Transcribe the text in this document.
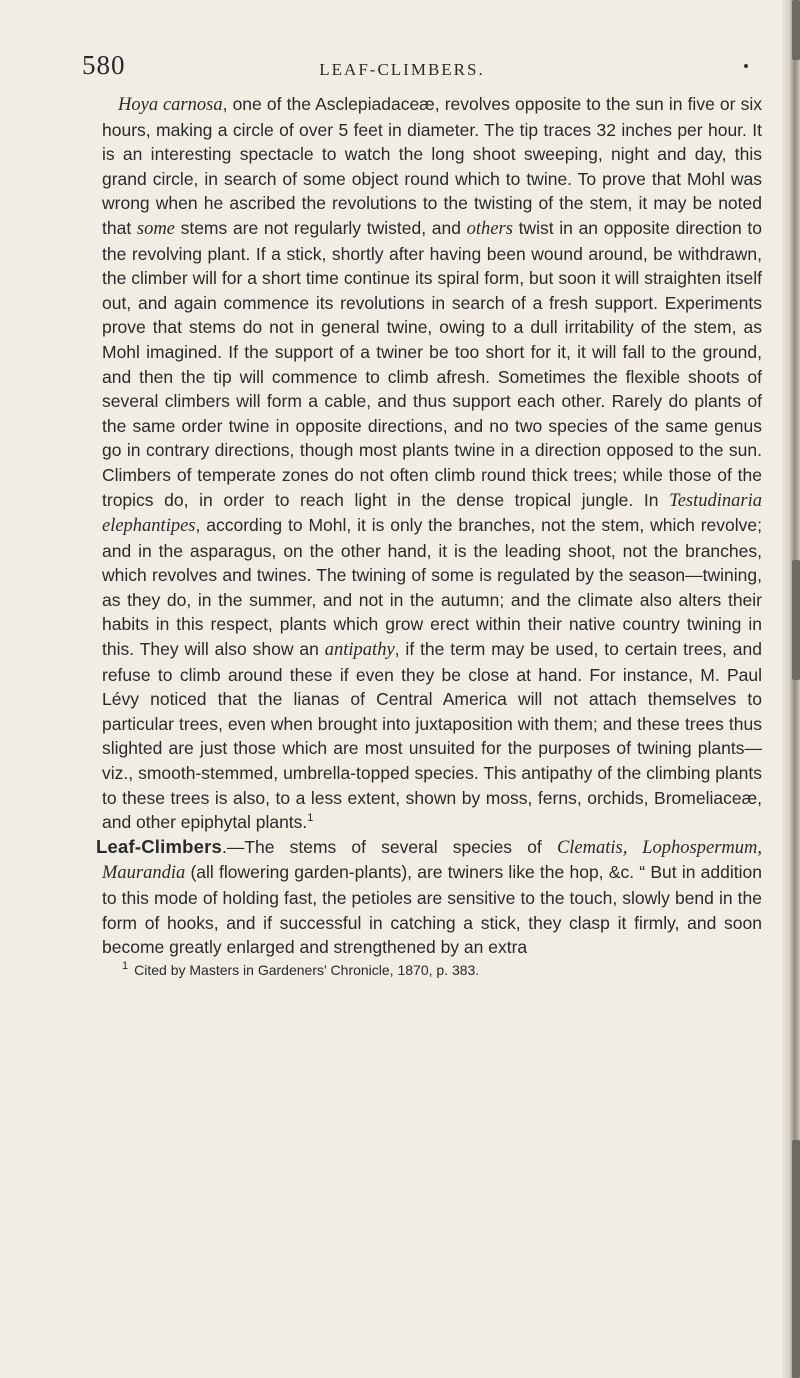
580	LEAF-CLIMBERS.

Hoya carnosa, one of the Asclepiadaceæ, revolves opposite to the sun in five or six hours, making a circle of over 5 feet in diameter. The tip traces 32 inches per hour. It is an interesting spectacle to watch the long shoot sweeping, night and day, this grand circle, in search of some object round which to twine. To prove that Mohl was wrong when he ascribed the revolutions to the twisting of the stem, it may be noted that some stems are not regularly twisted, and others twist in an opposite direction to the revolving plant. If a stick, shortly after having been wound around, be withdrawn, the climber will for a short time continue its spiral form, but soon it will straighten itself out, and again commence its revolutions in search of a fresh support. Experiments prove that stems do not in general twine, owing to a dull irritability of the stem, as Mohl imagined. If the support of a twiner be too short for it, it will fall to the ground, and then the tip will commence to climb afresh. Sometimes the flexible shoots of several climbers will form a cable, and thus support each other. Rarely do plants of the same order twine in opposite directions, and no two species of the same genus go in contrary directions, though most plants twine in a direction opposed to the sun. Climbers of temperate zones do not often climb round thick trees; while those of the tropics do, in order to reach light in the dense tropical jungle. In Testudinaria elephantipes, according to Mohl, it is only the branches, not the stem, which revolve; and in the asparagus, on the other hand, it is the leading shoot, not the branches, which revolves and twines. The twining of some is regulated by the season—twining, as they do, in the summer, and not in the autumn; and the climate also alters their habits in this respect, plants which grow erect within their native country twining in this. They will also show an antipathy, if the term may be used, to certain trees, and refuse to climb around these if even they be close at hand. For instance, M. Paul Lévy noticed that the lianas of Central America will not attach themselves to particular trees, even when brought into juxtaposition with them; and these trees thus slighted are just those which are most unsuited for the purposes of twining plants—viz., smooth-stemmed, umbrella-topped species. This antipathy of the climbing plants to these trees is also, to a less extent, shown by moss, ferns, orchids, Bromeliaceæ, and other epiphytal plants.$^1$

Leaf-Climbers.—The stems of several species of Clematis, Lophospermum, Maurandia (all flowering garden-plants), are twiners like the hop, &c. “ But in addition to this mode of holding fast, the petioles are sensitive to the touch, slowly bend in the form of hooks, and if successful in catching a stick, they clasp it firmly, and soon become greatly enlarged and strengthened by an extra

$^1$ Cited by Masters in Gardeners' Chronicle, 1870, p. 383.
